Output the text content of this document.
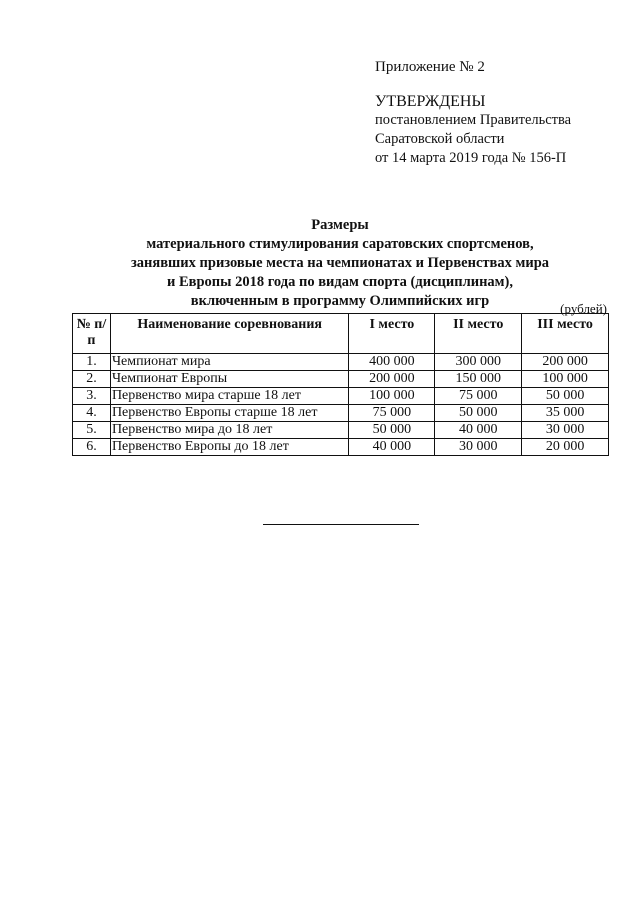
Приложение № 2
УТВЕРЖДЕНЫ
постановлением Правительства
Саратовской области
от 14 марта 2019 года № 156-П
Размеры
материального стимулирования саратовских спортсменов,
занявших призовые места на чемпионатах и Первенствах мира
и Европы 2018 года по видам спорта (дисциплинам),
включенным в программу Олимпийских игр	(рублей)
№ п/п	Наименование соревнования	I место	II место	III место
1.	Чемпионат мира	400 000	300 000	200 000
2.	Чемпионат Европы	200 000	150 000	100 000
3.	Первенство мира старше 18 лет	100 000	75 000	50 000
4.	Первенство Европы старше 18 лет	75 000	50 000	35 000
5.	Первенство мира до 18 лет	50 000	40 000	30 000
6.	Первенство Европы до 18 лет	40 000	30 000	20 000
